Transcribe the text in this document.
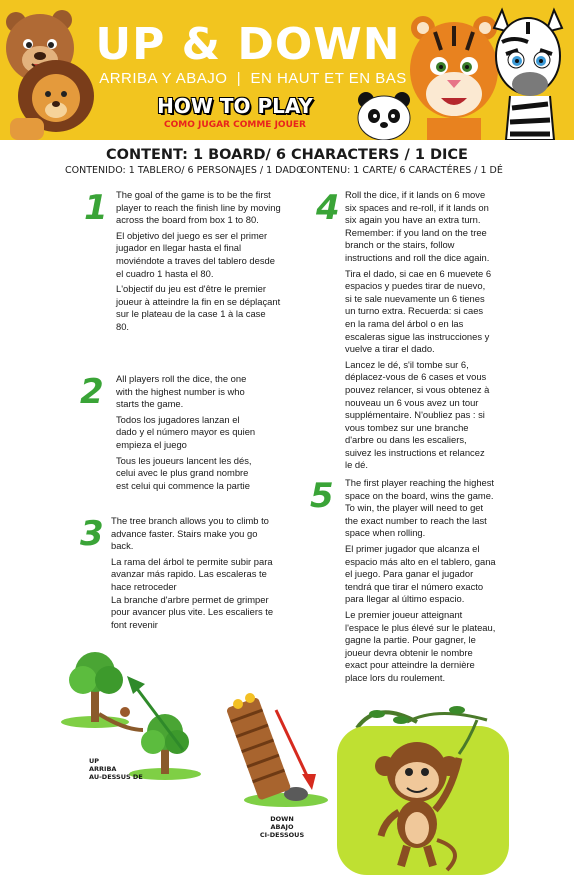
UP & DOWN
ARRIBA Y ABAJO  |  EN HAUT ET EN BAS
HOW TO PLAY
COMO JUGAR COMME JOUER
CONTENT: 1 BOARD/ 6 CHARACTERS / 1 DICE
CONTENIDO: 1 TABLERO/ 6 PERSONAJES / 1 DADO
CONTENU: 1 CARTE/ 6 CARACTÉRES / 1 DÉ
1 The goal of the game is to be the first player to reach the finish line by moving across the board from box 1 to 80.

El objetivo del juego es ser el primer jugador en llegar hasta el final moviéndote a traves del tablero desde el cuadro 1 hasta el 80.

L'objectif du jeu est d'être le premier joueur à atteindre la fin en se déplaçant sur le plateau de la case 1 à la case 80.

2 All players roll the dice, the one with the highest number is who starts the game.

Todos los jugadores lanzan el dado y el número mayor es quien empieza el juego

Tous les joueurs lancent les dés, celui avec le plus grand nombre est celui qui commence la partie

3 The tree branch allows you to climb to advance faster. Stairs make you go back.

La rama del árbol te permite subir para avanzar más rapido. Las escaleras te hace retroceder

La branche d'arbre permet de grimper pour avancer plus vite. Les escaliers te font revenir

4 Roll the dice, if it lands on 6 move six spaces and re-roll, if it lands on six again you have an extra turn. Remember: if you land on the tree branch or the stairs, follow instructions and roll the dice again.

Tira el dado, si cae en 6 muevete 6 espacios y puedes tirar de nuevo, si te sale nuevamente un 6 tienes un turno extra. Recuerda: si caes en la rama del árbol o en las escaleras sigue las instrucciones y vuelve a tirar el dado.

Lancez le dé, s'il tombe sur 6, déplacez-vous de 6 cases et vous pouvez relancer, si vous obtenez à nouveau un 6 vous avez un tour supplémentaire. N'oubliez pas : si vous tombez sur une branche d'arbre ou dans les escaliers, suivez les instructions et relancez le dé.

5 The first player reaching the highest space on the board, wins the game. To win, the player will need to get the exact number to reach the last space when rolling.

El primer jugador que alcanza el espacio más alto en el tablero, gana el juego. Para ganar el jugador tendrá que tirar el número exacto para llegar al último espacio.

Le premier joueur atteignant l'espace le plus élevé sur le plateau, gagne la partie. Pour gagner, le joueur devra obtenir le nombre exact pour atteindre la dernière place lors du roulement.

UP
ARRIBA
AU-DESSUS DE
DOWN
ABAJO
CI-DESSOUS
